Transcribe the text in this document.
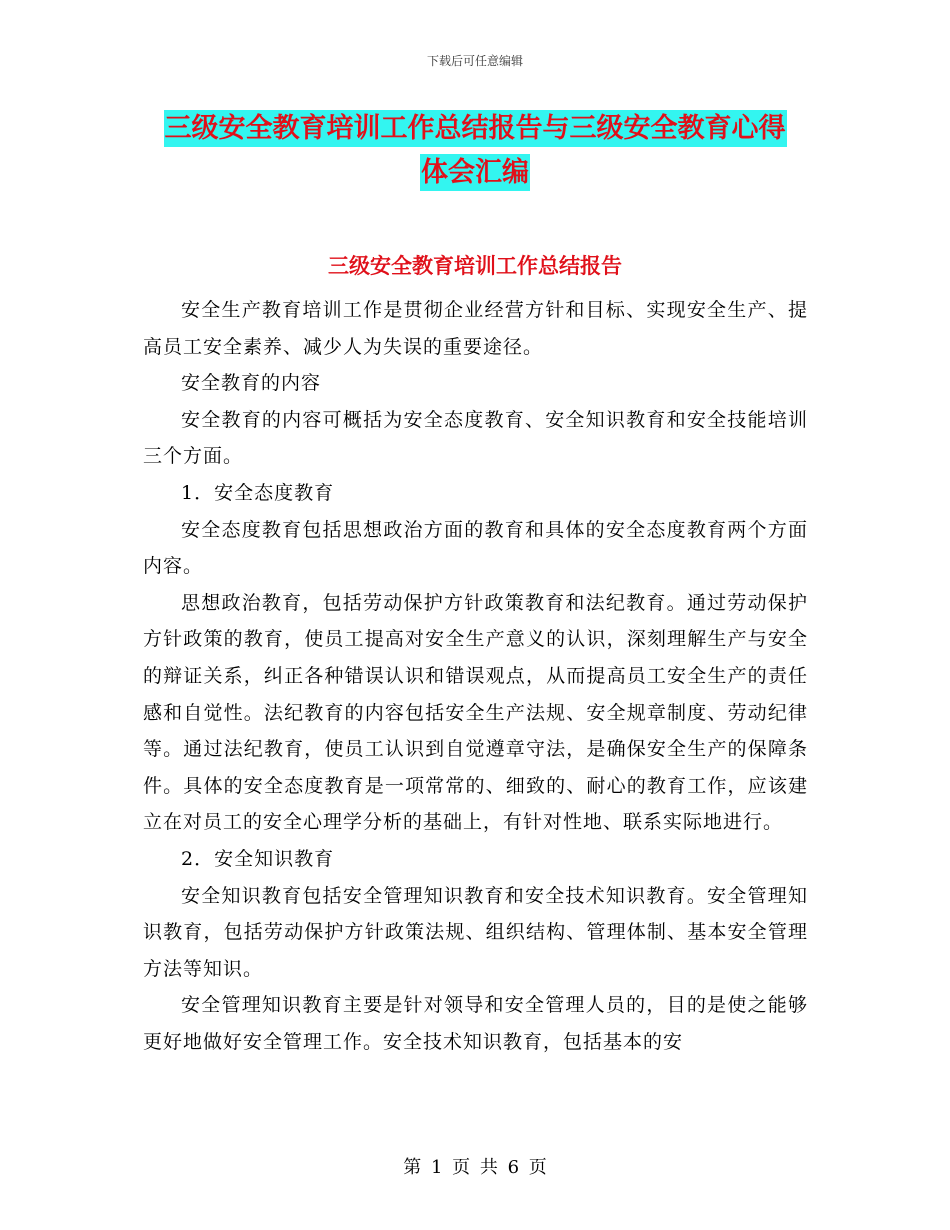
下载后可任意编辑
三级安全教育培训工作总结报告与三级安全教育心得
体会汇编
三级安全教育培训工作总结报告

安全生产教育培训工作是贯彻企业经营方针和目标、实现安全生产、提高员工安全素养、减少人为失误的重要途径。

安全教育的内容

安全教育的内容可概括为安全态度教育、安全知识教育和安全技能培训三个方面。

1．安全态度教育

安全态度教育包括思想政治方面的教育和具体的安全态度教育两个方面内容。

思想政治教育，包括劳动保护方针政策教育和法纪教育。通过劳动保护方针政策的教育，使员工提高对安全生产意义的认识，深刻理解生产与安全的辩证关系，纠正各种错误认识和错误观点，从而提高员工安全生产的责任感和自觉性。法纪教育的内容包括安全生产法规、安全规章制度、劳动纪律等。通过法纪教育，使员工认识到自觉遵章守法，是确保安全生产的保障条件。具体的安全态度教育是一项常常的、细致的、耐心的教育工作，应该建立在对员工的安全心理学分析的基础上，有针对性地、联系实际地进行。

2．安全知识教育

安全知识教育包括安全管理知识教育和安全技术知识教育。安全管理知识教育，包括劳动保护方针政策法规、组织结构、管理体制、基本安全管理方法等知识。

安全管理知识教育主要是针对领导和安全管理人员的，目的是使之能够更好地做好安全管理工作。安全技术知识教育，包括基本的安

第 1 页 共 6 页
